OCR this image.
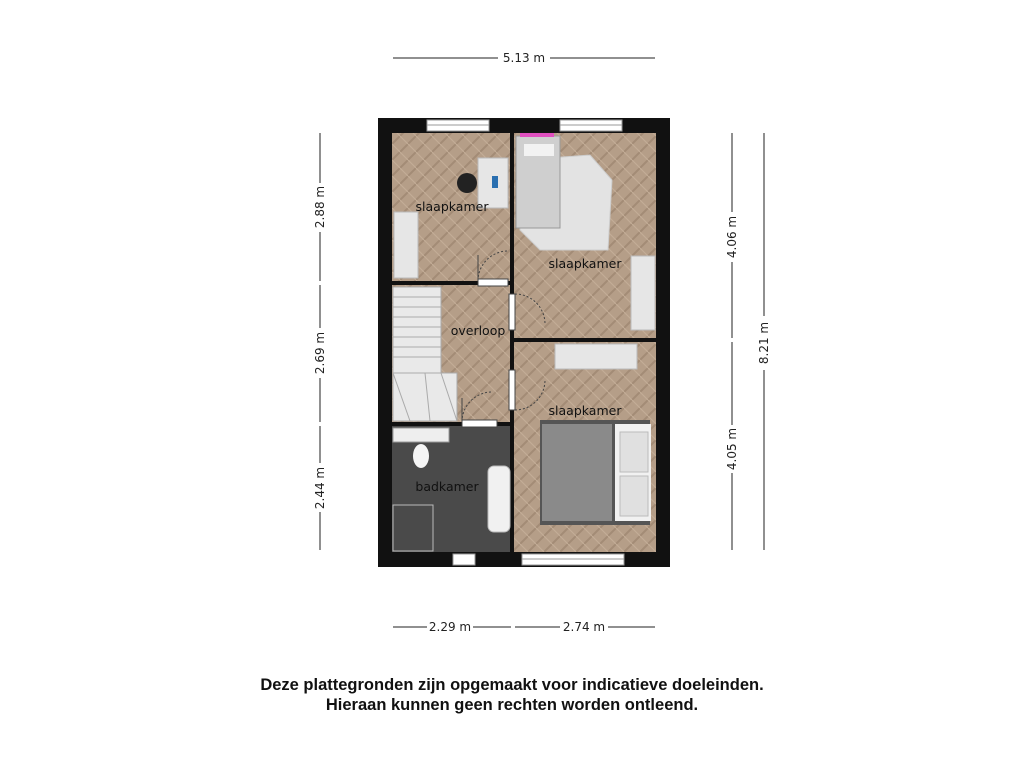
5.13 m
2.88 m
2.69 m
2.44 m
4.06 m
4.05 m
8.21 m
2.29 m	2.74 m
slaapkamer
slaapkamer
overloop
slaapkamer
badkamer
Deze plattegronden zijn opgemaakt voor indicatieve doeleinden.
Hieraan kunnen geen rechten worden ontleend.
